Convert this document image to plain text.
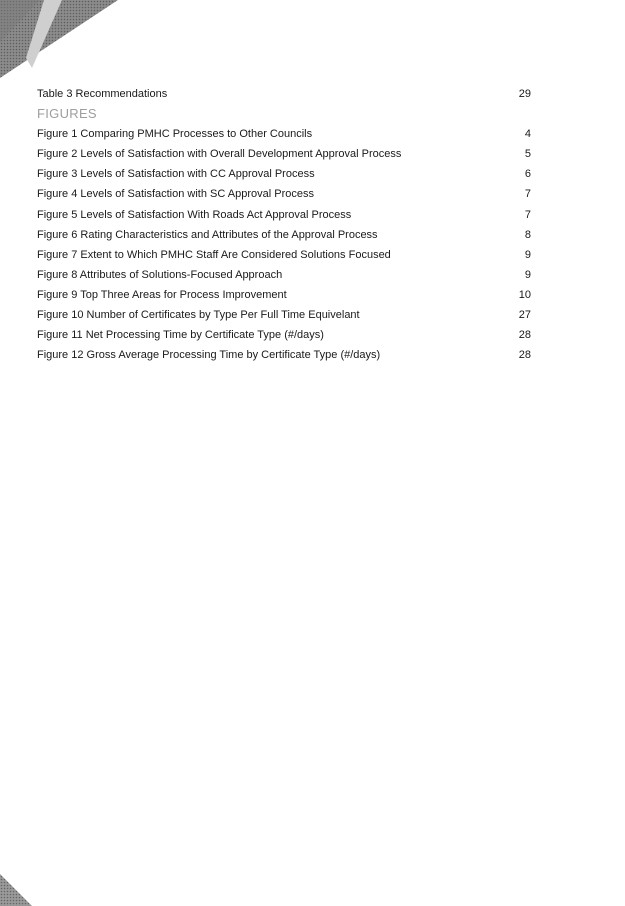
Table 3 Recommendations	29
FIGURES
Figure 1 Comparing PMHC Processes to Other Councils	4
Figure 2 Levels of Satisfaction with Overall Development Approval Process	5
Figure 3 Levels of Satisfaction with CC Approval Process	6
Figure 4 Levels of Satisfaction with SC Approval Process	7
Figure 5 Levels of Satisfaction With Roads Act Approval Process	7
Figure 6 Rating Characteristics and Attributes of the Approval Process	8
Figure 7 Extent to Which PMHC Staff Are Considered Solutions Focused	9
Figure 8 Attributes of Solutions-Focused Approach	9
Figure 9 Top Three Areas for Process Improvement	10
Figure 10 Number of Certificates by Type Per Full Time Equivelant	27
Figure 11 Net Processing Time by Certificate Type (#/days)	28
Figure 12 Gross Average Processing Time by Certificate Type (#/days)	28
